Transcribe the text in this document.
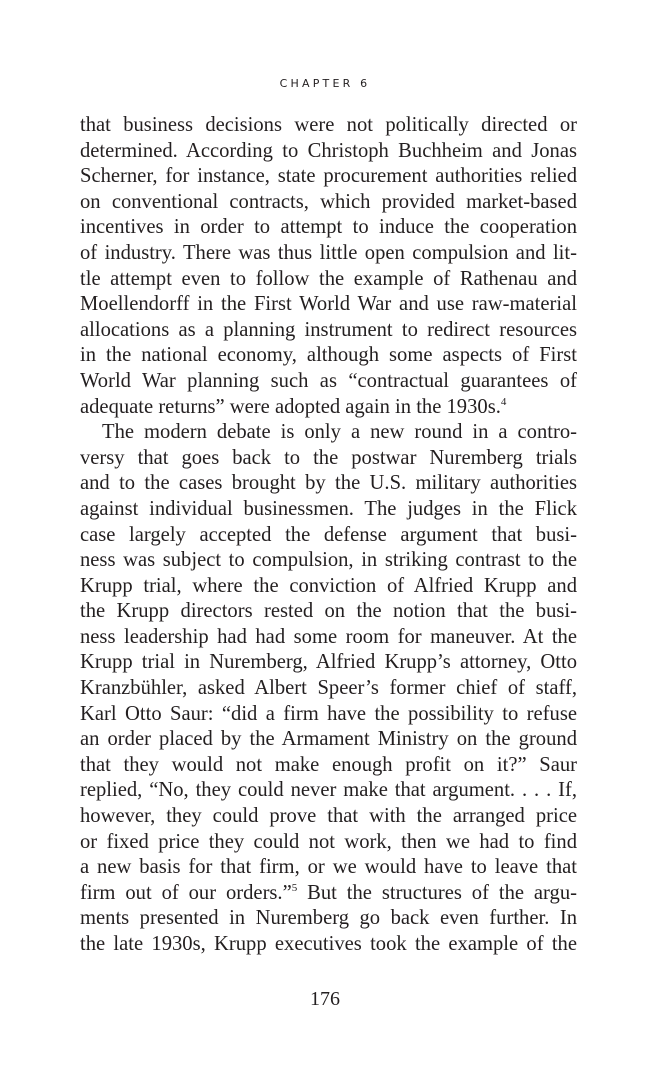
CHAPTER 6
that business decisions were not politically directed or
determined. According to Christoph Buchheim and Jonas
Scherner, for instance, state procurement authorities relied
on conventional contracts, which provided market-based
incentives in order to attempt to induce the cooperation
of industry. There was thus little open compulsion and lit-
tle attempt even to follow the example of Rathenau and
Moellendorff in the First World War and use raw-material
allocations as a planning instrument to redirect resources
in the national economy, although some aspects of First
World War planning such as “contractual guarantees of
adequate returns” were adopted again in the 1930s.$^4$
The modern debate is only a new round in a contro-
versy that goes back to the postwar Nuremberg trials
and to the cases brought by the U.S. military authorities
against individual businessmen. The judges in the Flick
case largely accepted the defense argument that busi-
ness was subject to compulsion, in striking contrast to the
Krupp trial, where the conviction of Alfried Krupp and
the Krupp directors rested on the notion that the busi-
ness leadership had had some room for maneuver. At the
Krupp trial in Nuremberg, Alfried Krupp’s attorney, Otto
Kranzbühler, asked Albert Speer’s former chief of staff,
Karl Otto Saur: “did a firm have the possibility to refuse
an order placed by the Armament Ministry on the ground
that they would not make enough profit on it?” Saur
replied, “No, they could never make that argument. . . . If,
however, they could prove that with the arranged price
or fixed price they could not work, then we had to find
a new basis for that firm, or we would have to leave that
firm out of our orders.”$^5$ But the structures of the argu-
ments presented in Nuremberg go back even further. In
the late 1930s, Krupp executives took the example of the
176
